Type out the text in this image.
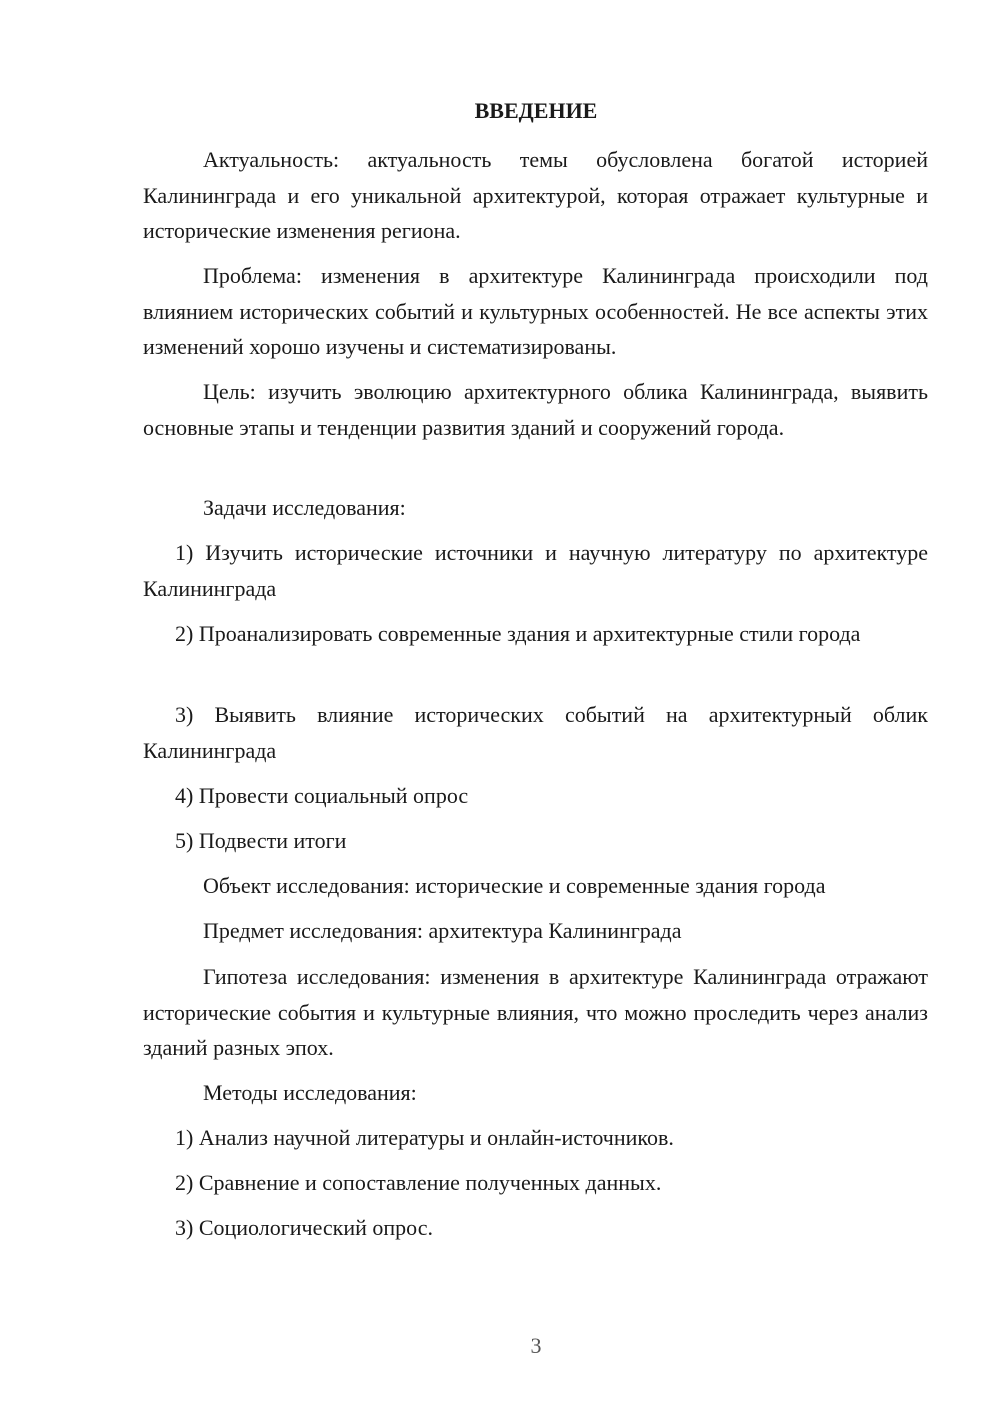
ВВЕДЕНИЕ

Актуальность: актуальность темы обусловлена богатой историей Калининграда и его уникальной архитектурой, которая отражает культурные и исторические изменения региона.

Проблема: изменения в архитектуре Калининграда происходили под влиянием исторических событий и культурных особенностей. Не все аспекты этих изменений хорошо изучены и систематизированы.

Цель: изучить эволюцию архитектурного облика Калининграда, выявить основные этапы и тенденции развития зданий и сооружений города.

Задачи исследования:

1) Изучить исторические источники и научную литературу по архитектуре Калининграда

2) Проанализировать современные здания и архитектурные стили города

3) Выявить влияние исторических событий на архитектурный облик Калининграда

4) Провести социальный опрос

5) Подвести итоги

Объект исследования: исторические и современные здания города

Предмет исследования: архитектура Калининграда

Гипотеза исследования: изменения в архитектуре Калининграда отражают исторические события и культурные влияния, что можно проследить через анализ зданий разных эпох.

Методы исследования:

1) Анализ научной литературы и онлайн-источников.

2) Сравнение и сопоставление полученных данных.

3) Социологический опрос.

3
